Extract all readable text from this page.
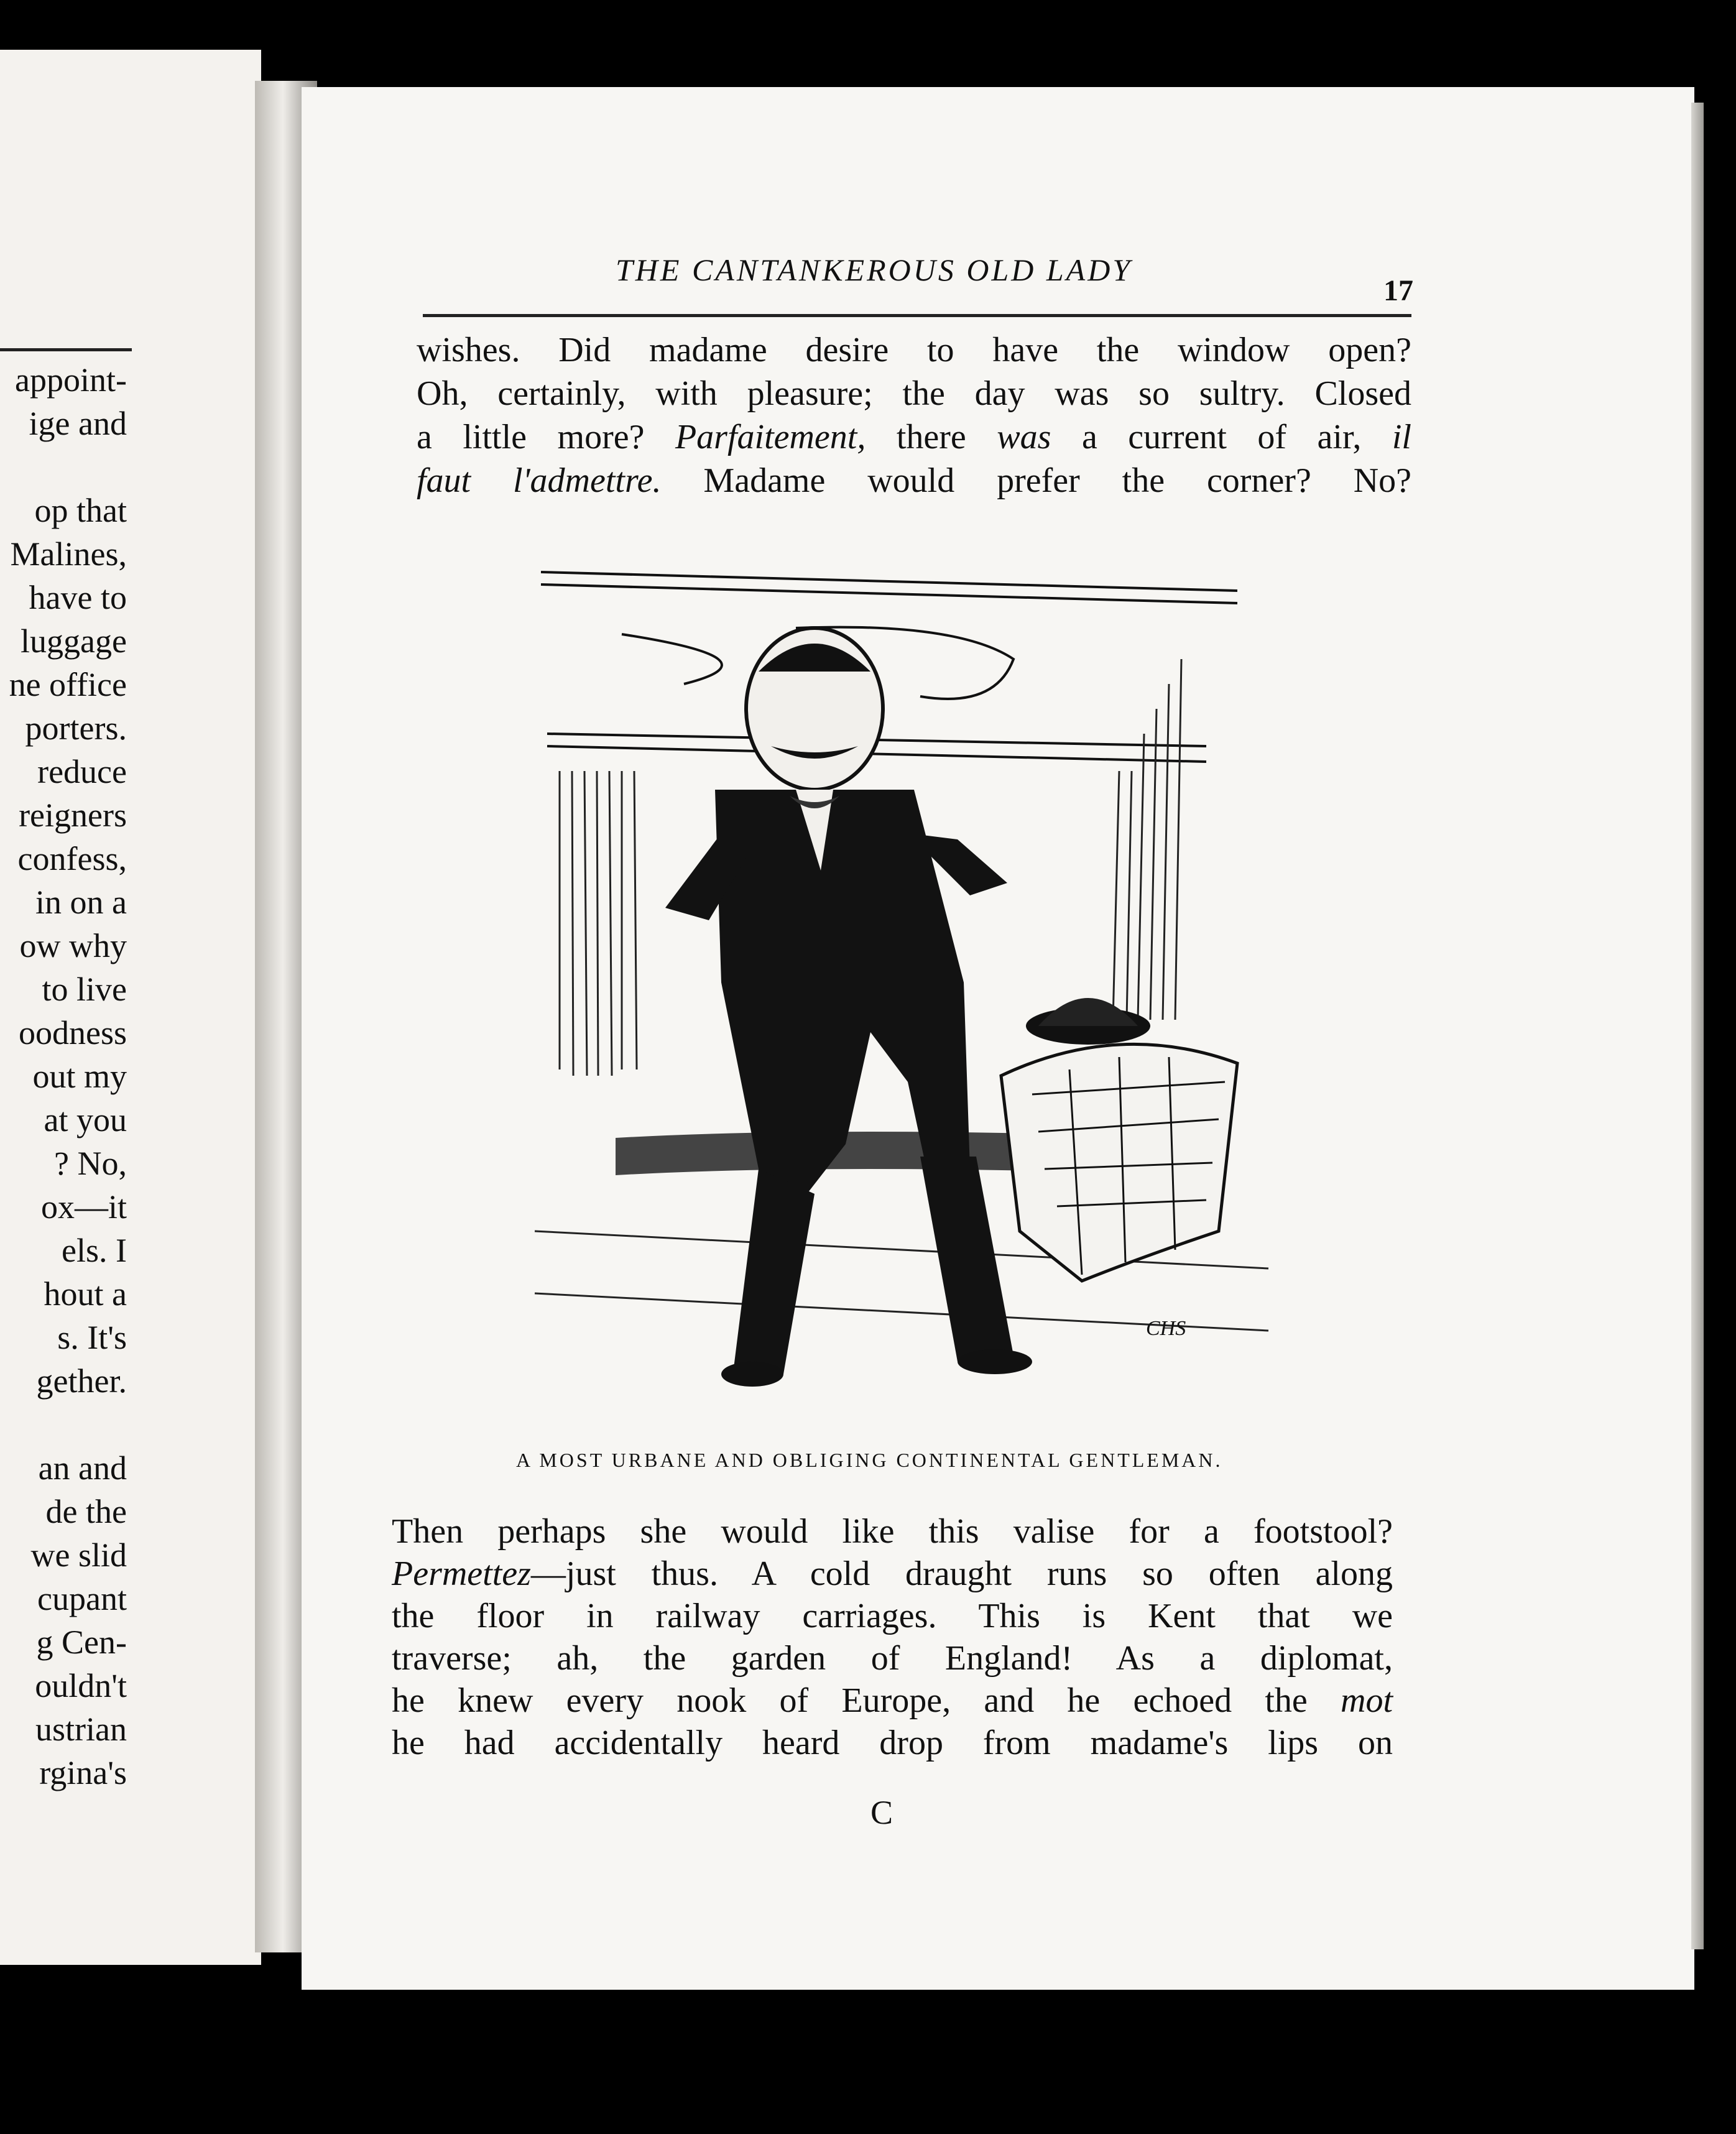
appoint-
ige and
op that
Malines,
have to
luggage
ne office
porters.
reduce
reigners
confess,
in on a
ow why
to live
oodness
out my
at you
? No,
ox—it
els. I
hout a
s. It's
gether.
an and
de the
we slid
cupant
g Cen-
ouldn't
ustrian
rgina's
THE CANTANKEROUS OLD LADY
17
wishes. Did madame desire to have the window open?
Oh, certainly, with pleasure; the day was so sultry. Closed
a little more? Parfaitement, there was a current of air, il
faut l'admettre. Madame would prefer the corner? No?
CHS
A MOST URBANE AND OBLIGING CONTINENTAL GENTLEMAN.
Then perhaps she would like this valise for a footstool?
Permettez—just thus. A cold draught runs so often along
the floor in railway carriages. This is Kent that we
traverse; ah, the garden of England! As a diplomat,
he knew every nook of Europe, and he echoed the mot
he had accidentally heard drop from madame's lips on
C
